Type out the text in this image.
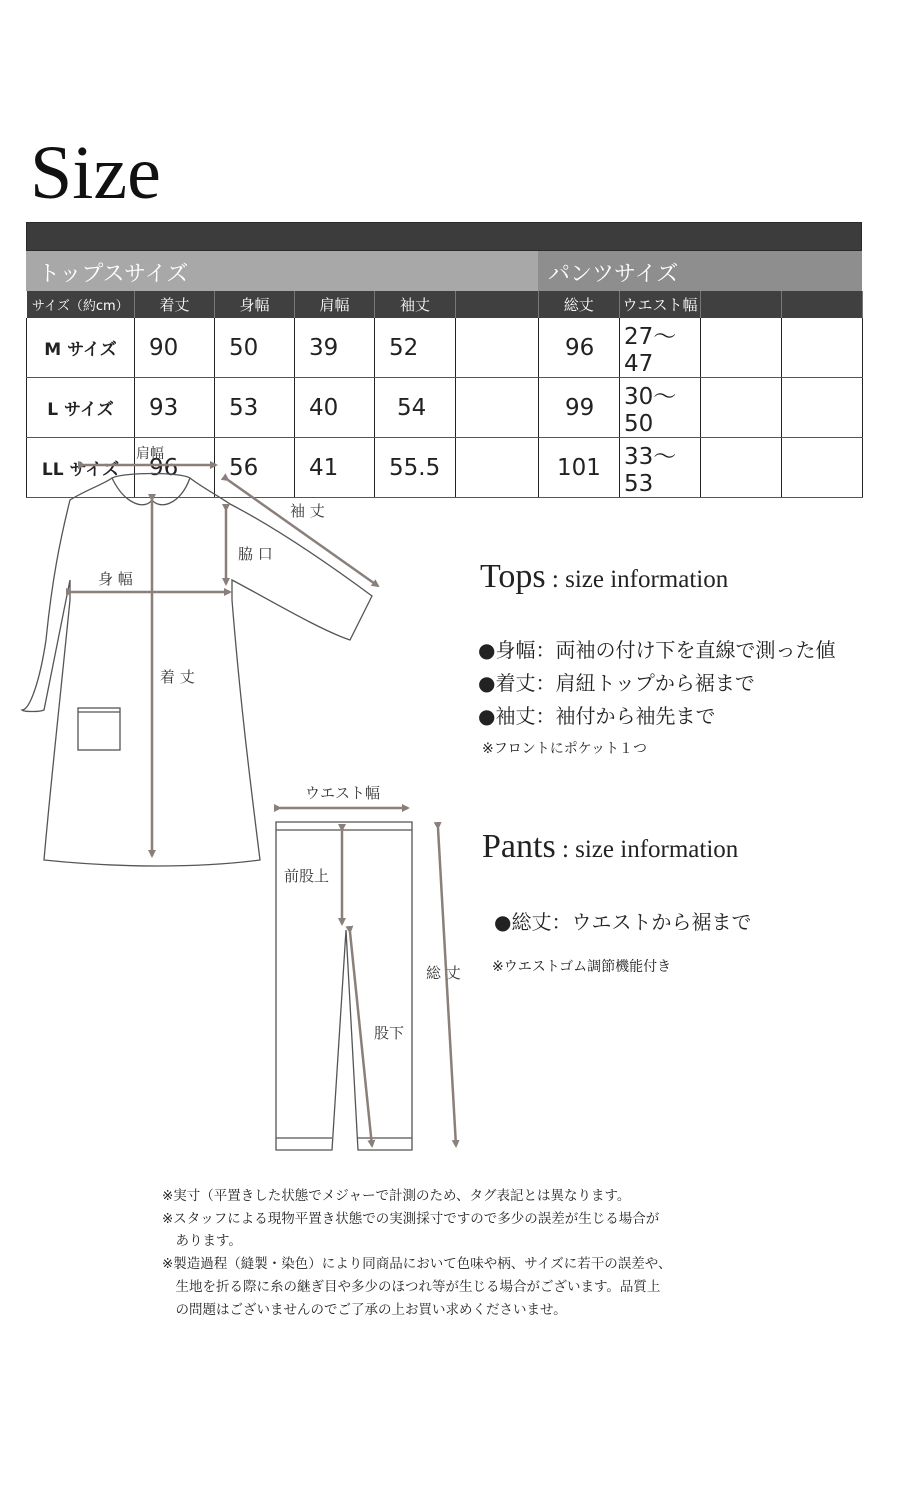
Size
トップスサイズ	パンツサイズ
サイズ（約cm）	着丈	身幅	肩幅	袖丈			総丈	ウエスト幅		
M サイズ	90	50	39	52			96	27～47		
L サイズ	93	53	40	54			99	30～50		
LL サイズ	96	56	41	55.5			101	33～53		
肩幅
袖 丈
脇 口
身 幅
着 丈
ウエスト幅
前股上
総 丈
股下
Tops : size information
●身幅：両袖の付け下を直線で測った値
●着丈：肩紐トップから裾まで
●袖丈：袖付から袖先まで
※フロントにポケット１つ
Pants : size information
●総丈：ウエストから裾まで
※ウエストゴム調節機能付き
※実寸（平置きした状態でメジャーで計測のため、タグ表記とは異なります。
※スタッフによる現物平置き状態での実測採寸ですので多少の誤差が生じる場合が
　あります。
※製造過程（縫製・染色）により同商品において色味や柄、サイズに若干の誤差や、
　生地を折る際に糸の継ぎ目や多少のほつれ等が生じる場合がございます。品質上
　の問題はございませんのでご了承の上お買い求めくださいませ。
